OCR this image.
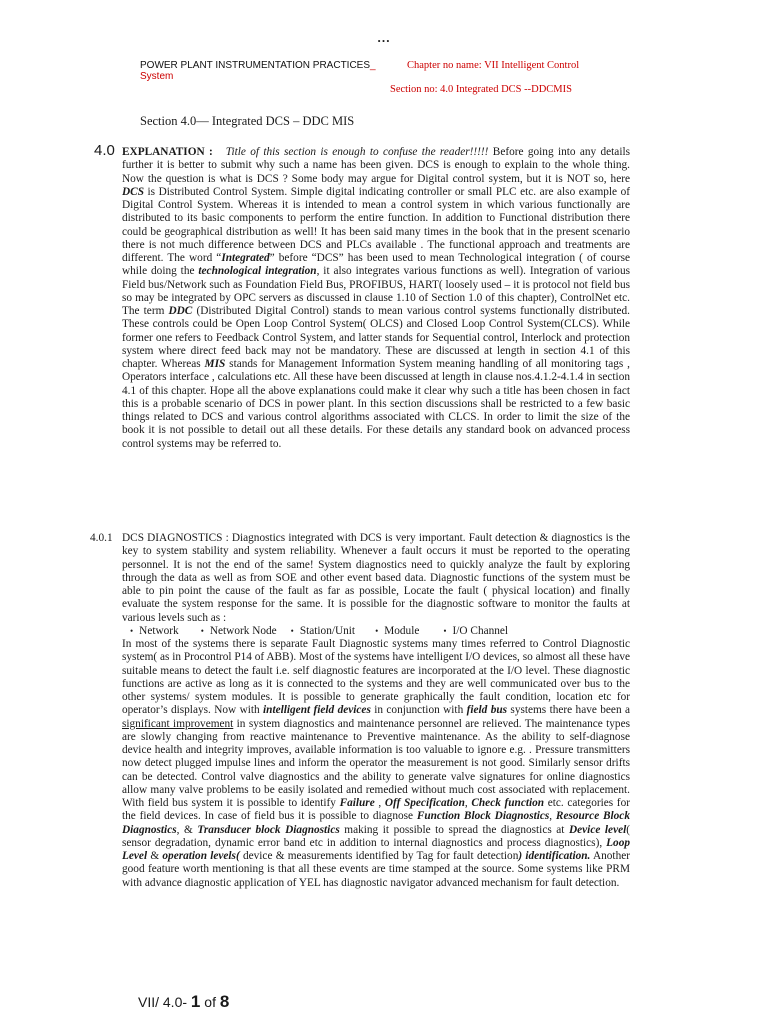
…
POWER PLANT INSTRUMENTATION PRACTICES_
System
Chapter no name: VII Intelligent Control
Section no: 4.0 Integrated DCS --DDCMIS
Section 4.0— Integrated DCS – DDC MIS
4.0 EXPLANATION : Title of this section is enough to confuse the reader!!!!! Before going into any details further it is better to submit why such a name has been given. DCS is enough to explain to the whole thing. Now the question is what is DCS ? Some body may argue for Digital control system, but it is NOT so, here DCS is Distributed Control System. Simple digital indicating controller or small PLC etc. are also example of Digital Control System. Whereas it is intended to mean a control system in which various functionally are distributed to its basic components to perform the entire function. In addition to Functional distribution there could be geographical distribution as well! It has been said many times in the book that in the present scenario there is not much difference between DCS and PLCs available . The functional approach and treatments are different. The word “Integrated” before “DCS” has been used to mean Technological integration ( of course while doing the technological integration, it also integrates various functions as well). Integration of various Field bus/Network such as Foundation Field Bus, PROFIBUS, HART( loosely used – it is protocol not field bus so may be integrated by OPC servers as discussed in clause 1.10 of Section 1.0 of this chapter), ControlNet etc. The term DDC (Distributed Digital Control) stands to mean various control systems functionally distributed. These controls could be Open Loop Control System( OLCS) and Closed Loop Control System(CLCS). While former one refers to Feedback Control System, and latter stands for Sequential control, Interlock and protection system where direct feed back may not be mandatory. These are discussed at length in section 4.1 of this chapter. Whereas MIS stands for Management Information System meaning handling of all monitoring tags , Operators interface , calculations etc. All these have been discussed at length in clause nos.4.1.2-4.1.4 in section 4.1 of this chapter. Hope all the above explanations could make it clear why such a title has been chosen in fact this is a probable scenario of DCS in power plant. In this section discussions shall be restricted to a few basic things related to DCS and various control algorithms associated with CLCS. In order to limit the size of the book it is not possible to detail out all these details. For these details any standard book on advanced process control systems may be referred to.

4.0.1 DCS DIAGNOSTICS : Diagnostics integrated with DCS is very important. Fault detection & diagnostics is the key to system stability and system reliability. Whenever a fault occurs it must be reported to the operating personnel. It is not the end of the same! System diagnostics need to quickly analyze the fault by exploring through the data as well as from SOE and other event based data. Diagnostic functions of the system must be able to pin point the cause of the fault as far as possible, Locate the fault ( physical location) and finally evaluate the system response for the same. It is possible for the diagnostic software to monitor the faults at various levels such as :

• Network	• Network Node	• Station/Unit	• Module	• I/O Channel

In most of the systems there is separate Fault Diagnostic systems many times referred to Control Diagnostic system( as in Procontrol P14 of ABB). Most of the systems have intelligent I/O devices, so almost all these have suitable means to detect the fault i.e. self diagnostic features are incorporated at the I/O level. These diagnostic functions are active as long as it is connected to the systems and they are well communicated over bus to the other systems/ system modules. It is possible to generate graphically the fault condition, location etc for operator’s displays. Now with intelligent field devices in conjunction with field bus systems there have been a significant improvement in system diagnostics and maintenance personnel are relieved. The maintenance types are slowly changing from reactive maintenance to Preventive maintenance. As the ability to self-diagnose device health and integrity improves, available information is too valuable to ignore e.g. . Pressure transmitters now detect plugged impulse lines and inform the operator the measurement is not good. Similarly sensor drifts can be detected. Control valve diagnostics and the ability to generate valve signatures for online diagnostics allow many valve problems to be easily isolated and remedied without much cost associated with replacement. With field bus system it is possible to identify Failure , Off Specification, Check function etc. categories for the field devices. In case of field bus it is possible to diagnose Function Block Diagnostics, Resource Block Diagnostics, & Transducer block Diagnostics making it possible to spread the diagnostics at Device level( sensor degradation, dynamic error band etc in addition to internal diagnostics and process diagnostics), Loop Level & operation levels( device & measurements identified by Tag for fault detection) identification. Another good feature worth mentioning is that all these events are time stamped at the source. Some systems like PRM with advance diagnostic application of YEL has diagnostic navigator advanced mechanism for fault detection.

VII/ 4.0- 1 of 8
